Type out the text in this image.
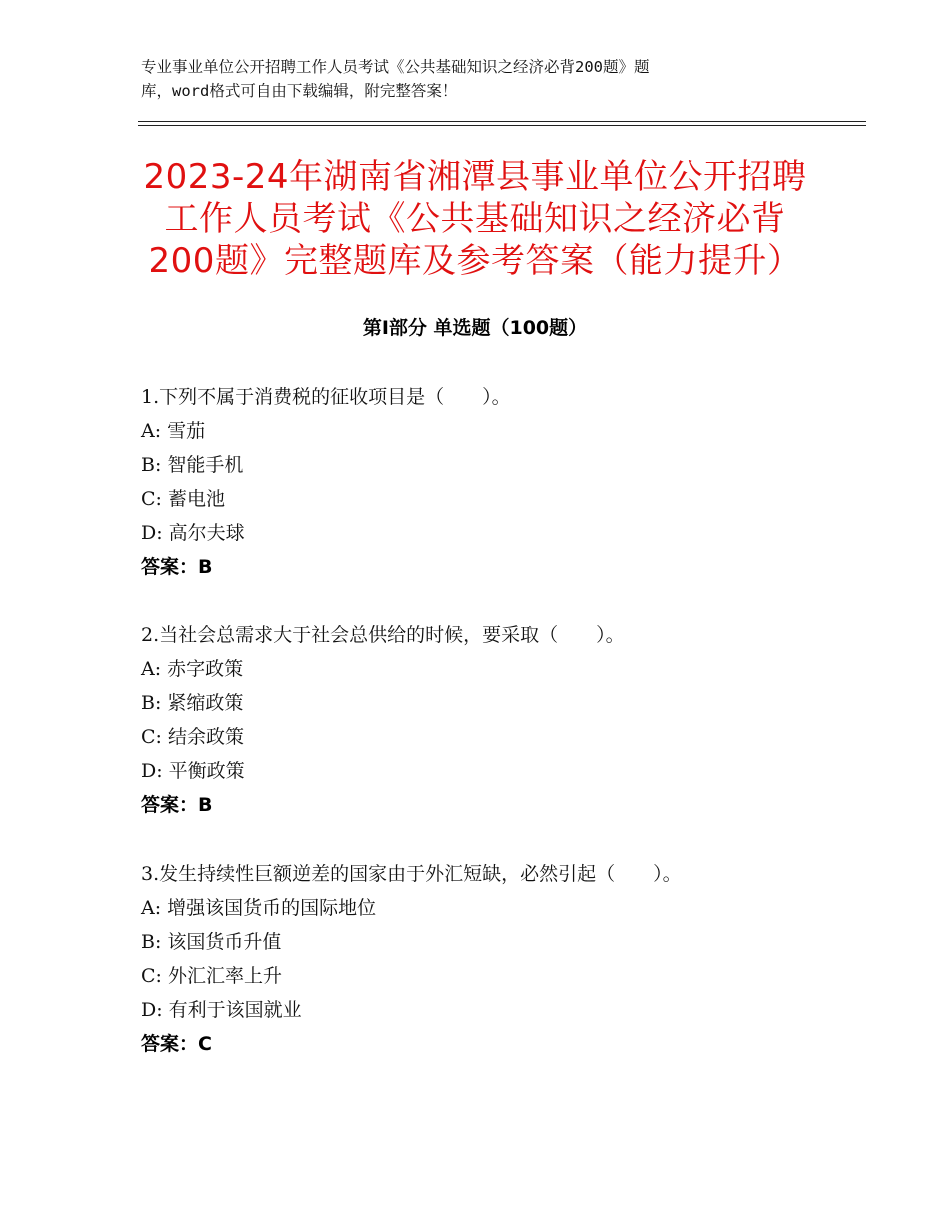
专业事业单位公开招聘工作人员考试《公共基础知识之经济必背200题》题
库，word格式可自由下载编辑，附完整答案！
2023-24年湖南省湘潭县事业单位公开招聘
工作人员考试《公共基础知识之经济必背
200题》完整题库及参考答案（能力提升）
第Ⅰ部分 单选题（100题）
1.下列不属于消费税的征收项目是（　　）。
A: 雪茄
B: 智能手机
C: 蓄电池
D: 高尔夫球
答案：B
2.当社会总需求大于社会总供给的时候，要采取（　　）。
A: 赤字政策
B: 紧缩政策
C: 结余政策
D: 平衡政策
答案：B
3.发生持续性巨额逆差的国家由于外汇短缺，必然引起（　　）。
A: 增强该国货币的国际地位
B: 该国货币升值
C: 外汇汇率上升
D: 有利于该国就业
答案：C
